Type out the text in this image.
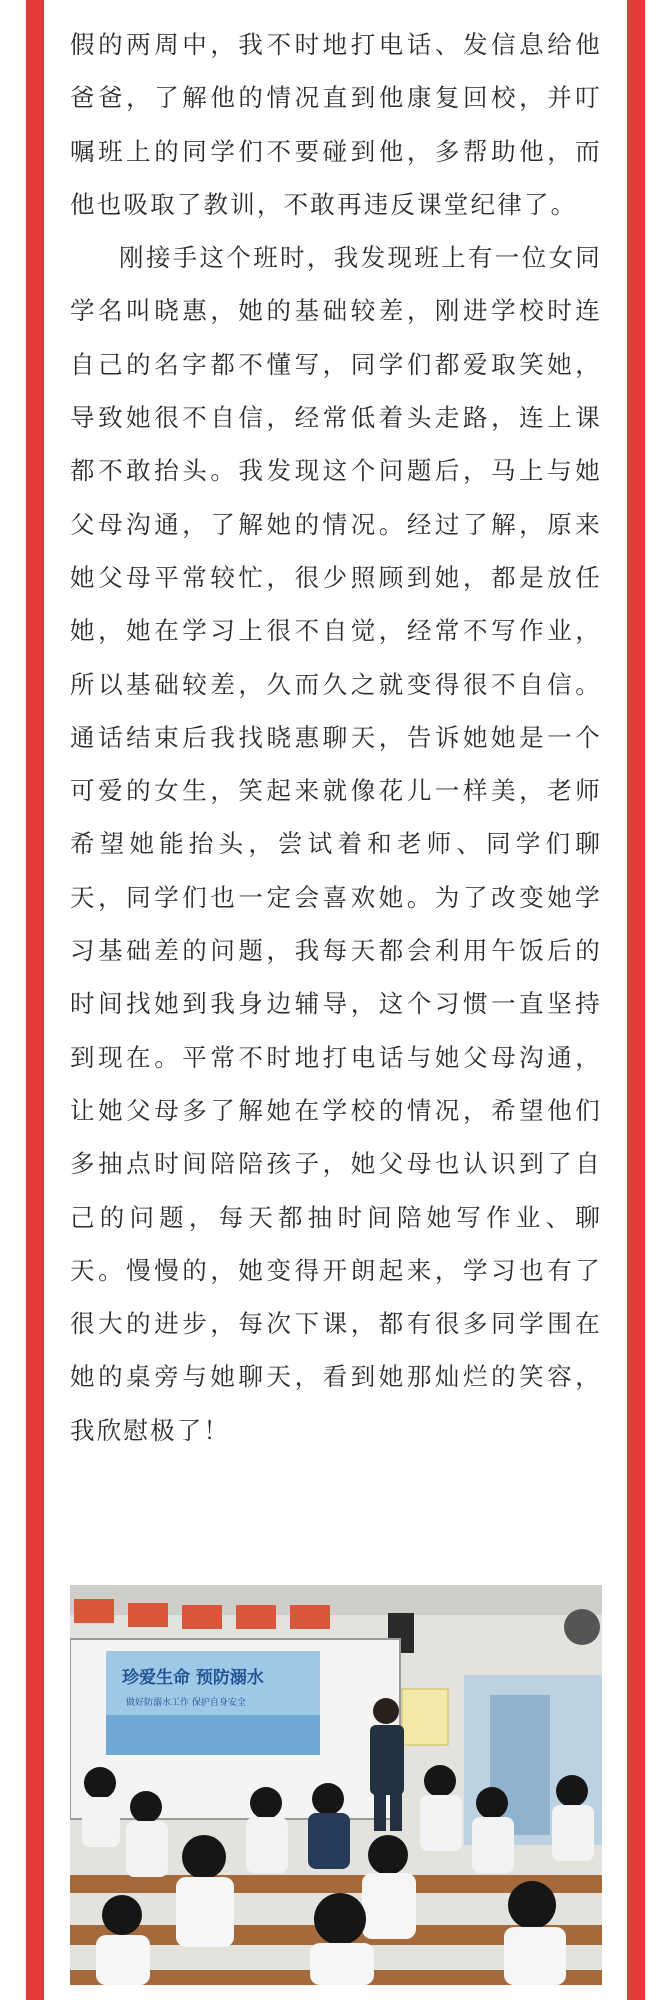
假的两周中，我不时地打电话、发信息给他爸爸，了解他的情况直到他康复回校，并叮嘱班上的同学们不要碰到他，多帮助他，而他也吸取了教训，不敢再违反课堂纪律了。

刚接手这个班时，我发现班上有一位女同学名叫晓惠，她的基础较差，刚进学校时连自己的名字都不懂写，同学们都爱取笑她，导致她很不自信，经常低着头走路，连上课都不敢抬头。我发现这个问题后，马上与她父母沟通，了解她的情况。经过了解，原来她父母平常较忙，很少照顾到她，都是放任她，她在学习上很不自觉，经常不写作业，所以基础较差，久而久之就变得很不自信。通话结束后我找晓惠聊天，告诉她她是一个可爱的女生，笑起来就像花儿一样美，老师希望她能抬头，尝试着和老师、同学们聊天，同学们也一定会喜欢她。为了改变她学习基础差的问题，我每天都会利用午饭后的时间找她到我身边辅导，这个习惯一直坚持到现在。平常不时地打电话与她父母沟通，让她父母多了解她在学校的情况，希望他们多抽点时间陪陪孩子，她父母也认识到了自己的问题，每天都抽时间陪她写作业、聊天。慢慢的，她变得开朗起来，学习也有了很大的进步，每次下课，都有很多同学围在她的桌旁与她聊天，看到她那灿烂的笑容，我欣慰极了！

珍爱生命 预防溺水
做好防溺水工作 保护自身安全
